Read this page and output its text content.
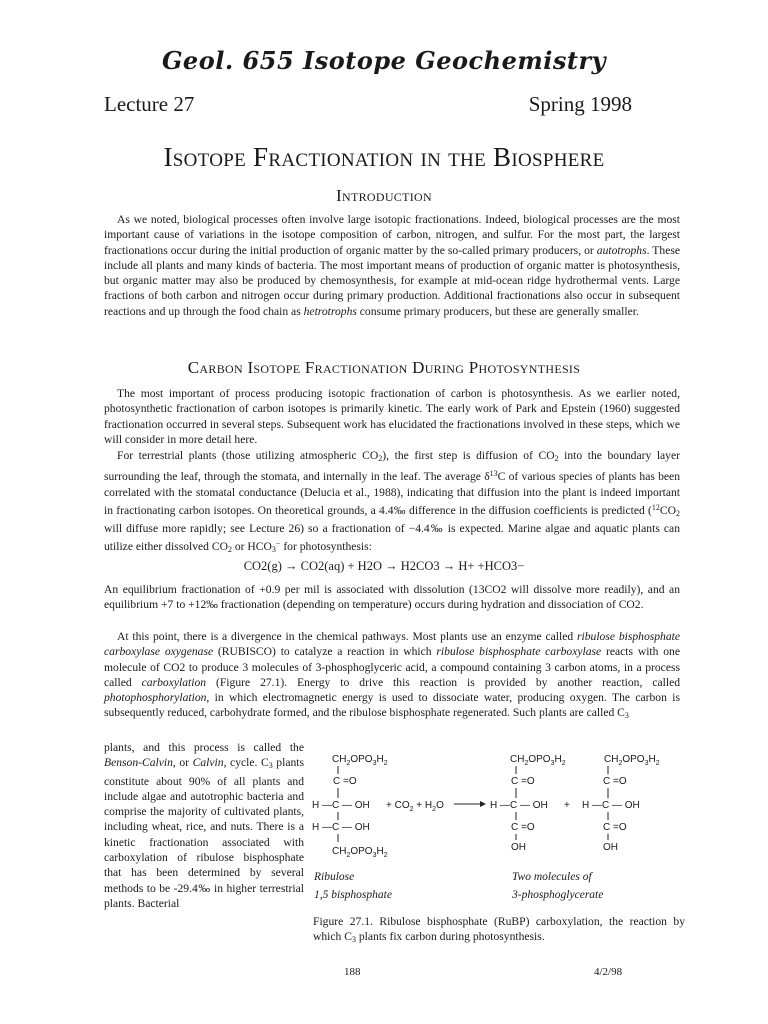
Geol. 655 Isotope Geochemistry
Lecture 27	Spring 1998
Isotope Fractionation in the Biosphere
Introduction

As we noted, biological processes often involve large isotopic fractionations. Indeed, biological processes are the most important cause of variations in the isotope composition of carbon, nitrogen, and sulfur. For the most part, the largest fractionations occur during the initial production of organic matter by the so-called primary producers, or autotrophs. These include all plants and many kinds of bacteria. The most important means of production of organic matter is photosynthesis, but organic matter may also be produced by chemosynthesis, for example at mid-ocean ridge hydrothermal vents. Large fractions of both carbon and nitrogen occur during primary production. Additional fractionations also occur in subsequent reactions and up through the food chain as hetrotrophs consume primary producers, but these are generally smaller.

Carbon Isotope Fractionation During Photosynthesis

The most important of process producing isotopic fractionation of carbon is photosynthesis. As we earlier noted, photosynthetic fractionation of carbon isotopes is primarily kinetic. The early work of Park and Epstein (1960) suggested fractionation occurred in several steps. Subsequent work has elucidated the fractionations involved in these steps, which we will consider in more detail here.

For terrestrial plants (those utilizing atmospheric $CO_2$), the first step is diffusion of $CO_2$ into the boundary layer surrounding the leaf, through the stomata, and internally in the leaf. The average $\delta^{13}C$ of various species of plants has been correlated with the stomatal conductance (Delucia et al., 1988), indicating that diffusion into the plant is indeed important in fractionating carbon isotopes. On theoretical grounds, a 4.4‰ difference in the diffusion coefficients is predicted ($^{12}CO_2$ will diffuse more rapidly; see Lecture 26) so a fractionation of −4.4‰ is expected. Marine algae and aquatic plants can utilize either dissolved $CO_2$ or $HCO_3^-$ for photosynthesis:

CO2(g) → CO2(aq) + H2O → H2CO3 → H+ +HCO3−

An equilibrium fractionation of +0.9 per mil is associated with dissolution (13CO2 will dissolve more readily), and an equilibrium +7 to +12‰ fractionation (depending on temperature) occurs during hydration and dissociation of CO2.

At this point, there is a divergence in the chemical pathways. Most plants use an enzyme called ribulose bisphosphate carboxylase oxygenase (RUBISCO) to catalyze a reaction in which ribulose bisphosphate carboxylase reacts with one molecule of CO2 to produce 3 molecules of 3-phosphoglyceric acid, a compound containing 3 carbon atoms, in a process called carboxylation (Figure 27.1). Energy to drive this reaction is provided by another reaction, called photophosphorylation, in which electromagnetic energy is used to dissociate water, producing oxygen. The carbon is subsequently reduced, carbohydrate formed, and the ribulose bisphosphate regenerated. Such plants are called $C_3$

plants, and this process is called the Benson-Calvin, or Calvin, cycle. $C_3$ plants constitute about 90% of all plants and include algae and autotrophic bacteria and comprise the majority of cultivated plants, including wheat, rice, and nuts. There is a kinetic fractionation associated with carboxylation of ribulose bisphosphate that has been determined by several methods to be -29.4‰ in higher terrestrial plants. Bacterial
$CH_2OPO_3H_2$
C =O
H —C — OH
H —C — OH
$CH_2OPO_3H_2$
+ $CO_2 + H_2O$
$CH_2OPO_3H_2$
C =O
H —C — OH
C =O
OH
+
$CH_2OPO_3H_2$
C =O
H —C — OH
C =O
OH
Ribulose
1,5 bisphosphate
Two molecules of
3-phosphoglycerate
Figure 27.1. Ribulose bisphosphate (RuBP) carboxylation, the reaction by which $C_3$ plants fix carbon during photosynthesis.
188	4/2/98
